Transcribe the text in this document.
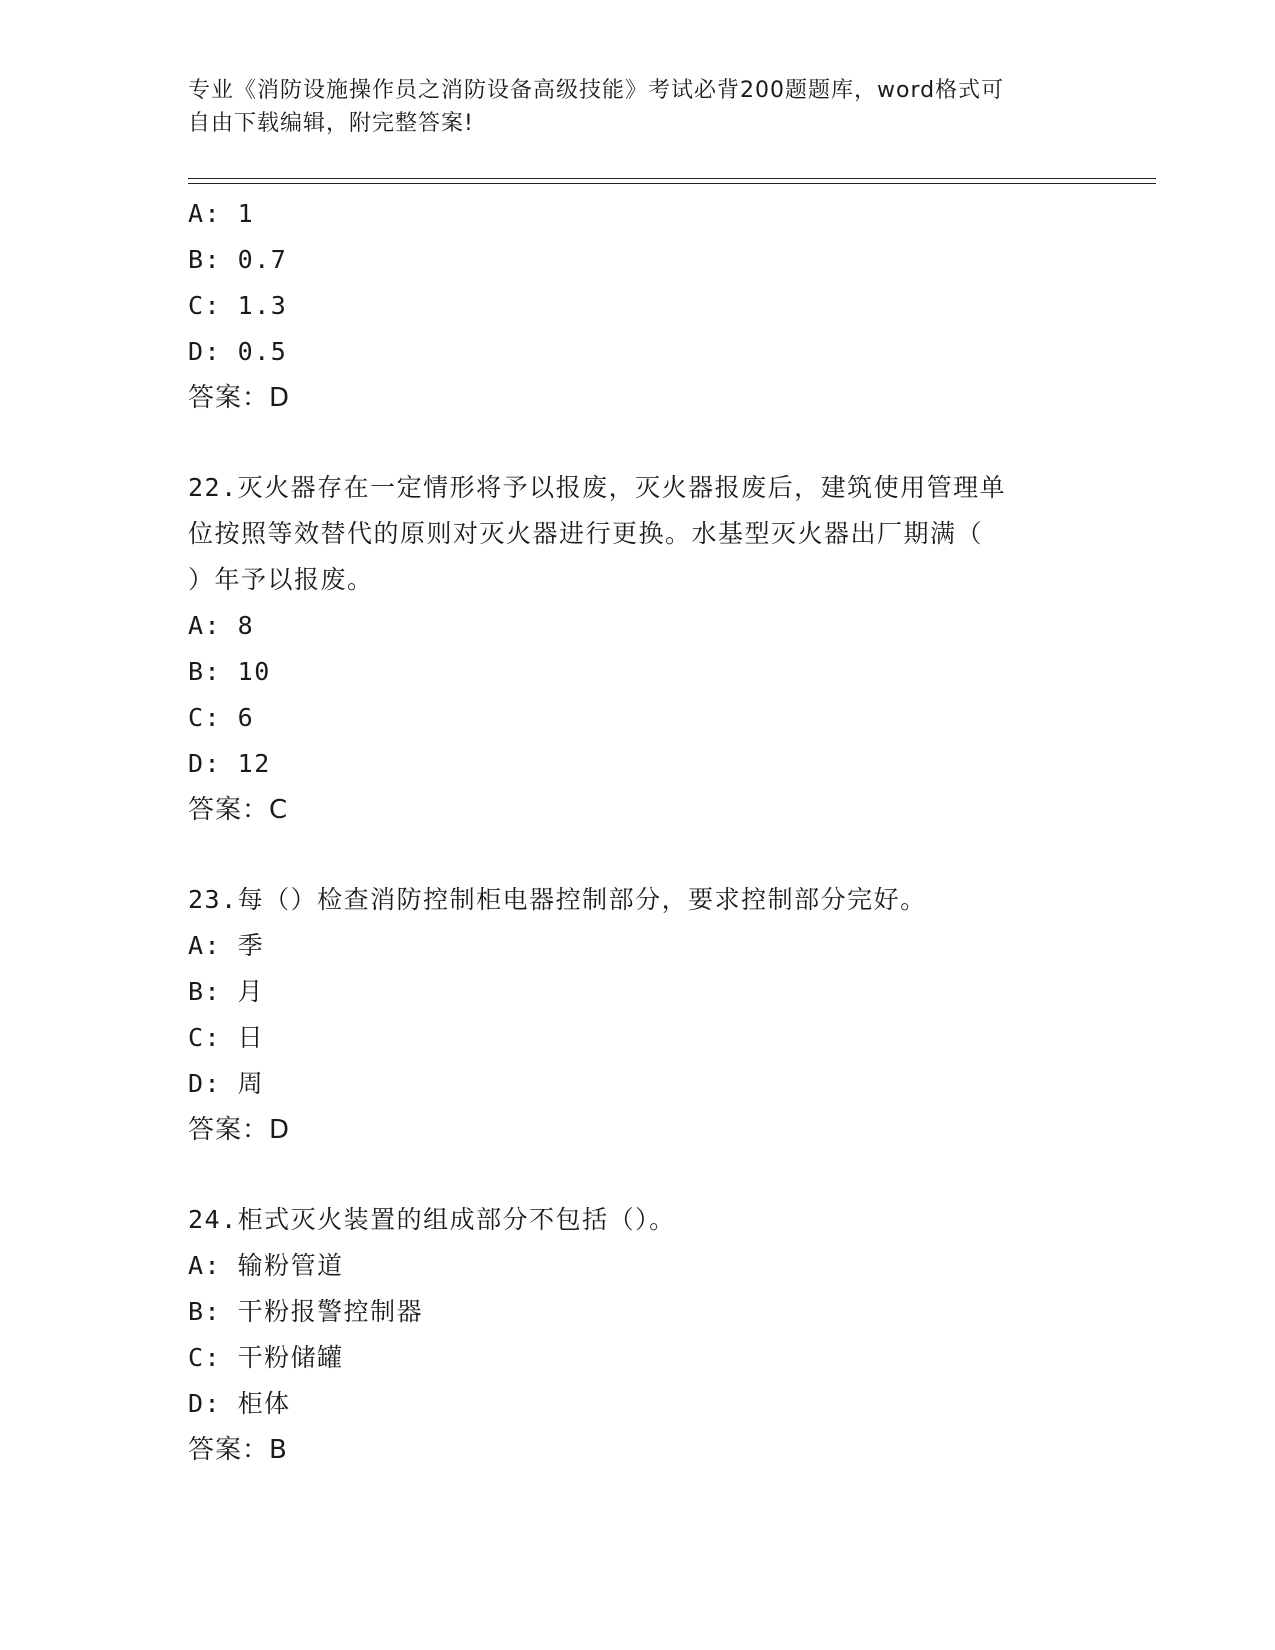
专业《消防设施操作员之消防设备高级技能》考试必背200题题库，word格式可
自由下载编辑，附完整答案!
A: 1
B: 0.7
C: 1.3
D: 0.5
答案：D
22.灭火器存在一定情形将予以报废，灭火器报废后，建筑使用管理单
位按照等效替代的原则对灭火器进行更换。水基型灭火器出厂期满（
）年予以报废。
A: 8
B: 10
C: 6
D: 12
答案：C
23.每（）检查消防控制柜电器控制部分，要求控制部分完好。
A: 季
B: 月
C: 日
D: 周
答案：D
24.柜式灭火装置的组成部分不包括（）。
A: 输粉管道
B: 干粉报警控制器
C: 干粉储罐
D: 柜体
答案：B
